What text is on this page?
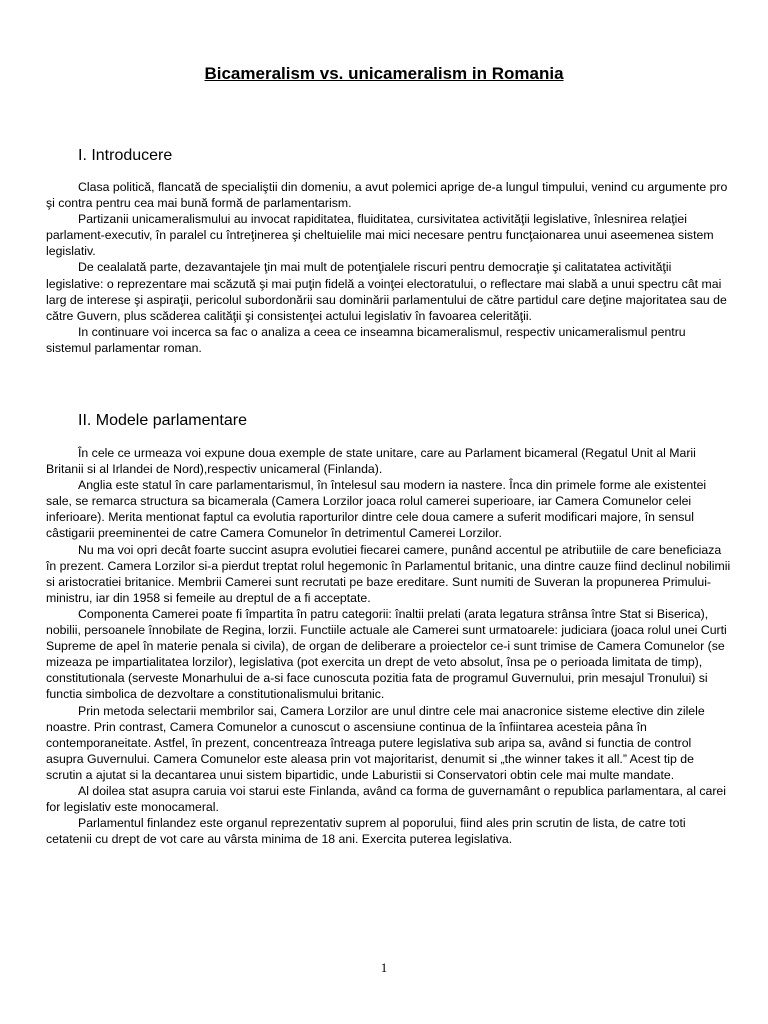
Bicameralism vs. unicameralism in Romania
I. Introducere

Clasa politică, flancată de specialiştii din domeniu, a avut polemici aprige de-a lungul timpului, venind cu argumente pro şi contra pentru cea mai bună formă de parlamentarism.

Partizanii unicameralismului au invocat rapiditatea, fluiditatea, cursivitatea activităţii legislative, înlesnirea relaţiei parlament-executiv, în paralel cu întreţinerea şi cheltuielile mai mici necesare pentru funcţaionarea unui aseemenea sistem legislativ.

De cealalată parte, dezavantajele ţin mai mult de potenţialele riscuri pentru democraţie şi calitatatea activităţii legislative: o reprezentare mai scăzută şi mai puţin fidelă a voinţei electoratului, o reflectare mai slabă a unui spectru cât mai larg de interese şi aspiraţii, pericolul subordonării sau dominării parlamentului de către partidul care deţine majoritatea sau de către Guvern, plus scăderea calităţii şi consistenţei actului legislativ în favoarea celerităţii.

In continuare voi incerca sa fac o analiza a ceea ce inseamna bicameralismul, respectiv unicameralismul pentru sistemul parlamentar roman.

II. Modele parlamentare

În cele ce urmeaza voi expune doua exemple de state unitare, care au Parlament bicameral (Regatul Unit al Marii Britanii si al Irlandei de Nord),respectiv unicameral (Finlanda).

Anglia este statul în care parlamentarismul, în întelesul sau modern ia nastere. Înca din primele forme ale existentei sale, se remarca structura sa bicamerala (Camera Lorzilor joaca rolul camerei superioare, iar Camera Comunelor celei inferioare). Merita mentionat faptul ca evolutia raporturilor dintre cele doua camere a suferit modificari majore, în sensul câstigarii preeminentei de catre Camera Comunelor în detrimentul Camerei Lorzilor.

Nu ma voi opri decât foarte succint asupra evolutiei fiecarei camere, punând accentul pe atributiile de care beneficiaza în prezent. Camera Lorzilor si-a pierdut treptat rolul hegemonic în Parlamentul britanic, una dintre cauze fiind declinul nobilimii si aristocratiei britanice. Membrii Camerei sunt recrutati pe baze ereditare. Sunt numiti de Suveran la propunerea Primului-ministru, iar din 1958 si femeile au dreptul de a fi acceptate.

Componenta Camerei poate fi împartita în patru categorii: înaltii prelati (arata legatura strânsa între Stat si Biserica), nobilii, persoanele înnobilate de Regina, lorzii. Functiile actuale ale Camerei sunt urmatoarele: judiciara (joaca rolul unei Curti Supreme de apel în materie penala si civila), de organ de deliberare a proiectelor ce-i sunt trimise de Camera Comunelor (se mizeaza pe impartialitatea lorzilor), legislativa (pot exercita un drept de veto absolut, însa pe o perioada limitata de timp), constitutionala (serveste Monarhului de a-si face cunoscuta pozitia fata de programul Guvernului, prin mesajul Tronului) si functia simbolica de dezvoltare a constitutionalismului britanic.

Prin metoda selectarii membrilor sai, Camera Lorzilor are unul dintre cele mai anacronice sisteme elective din zilele noastre. Prin contrast, Camera Comunelor a cunoscut o ascensiune continua de la înfiintarea acesteia pâna în contemporaneitate. Astfel, în prezent, concentreaza întreaga putere legislativa sub aripa sa, având si functia de control asupra Guvernului. Camera Comunelor este aleasa prin vot majoritarist, denumit si „the winner takes it all.” Acest tip de scrutin a ajutat si la decantarea unui sistem bipartidic, unde Laburistii si Conservatori obtin cele mai multe mandate.

Al doilea stat asupra caruia voi starui este Finlanda, având ca forma de guvernamânt o republica parlamentara, al carei for legislativ este monocameral.

Parlamentul finlandez este organul reprezentativ suprem al poporului, fiind ales prin scrutin de lista, de catre toti cetatenii cu drept de vot care au vârsta minima de 18 ani. Exercita puterea legislativa.

1
